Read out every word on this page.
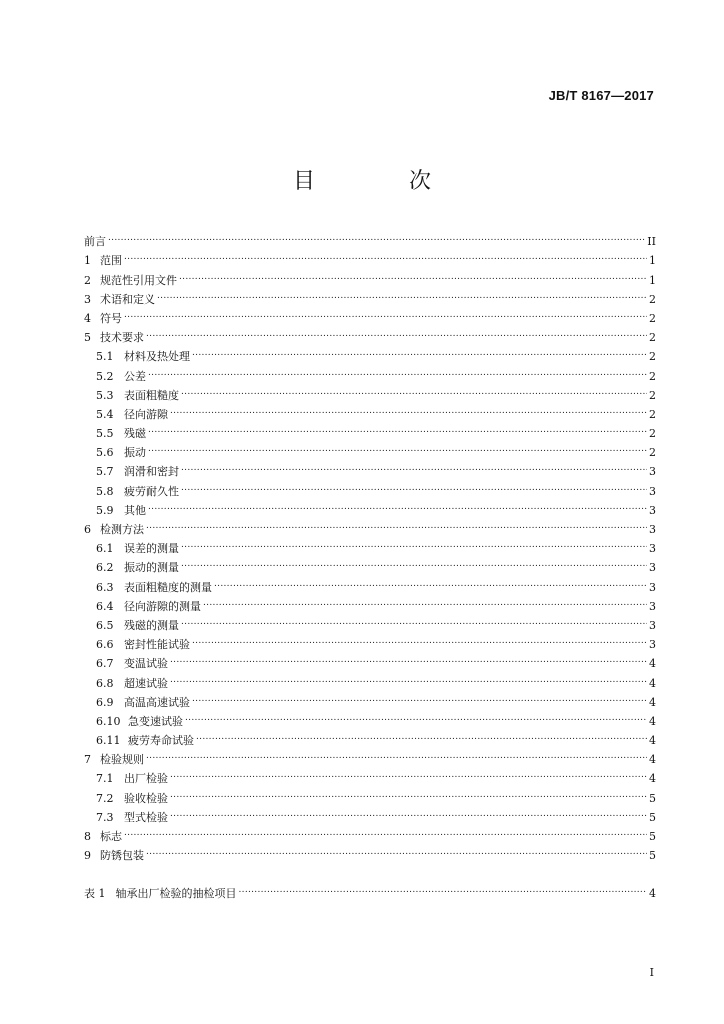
JB/T 8167—2017
目　次
前言 .....	II
1 范围 .....	1
2 规范性引用文件 .....	1
3 术语和定义 .....	2
4 符号 .....	2
5 技术要求 .....	2
5.1 材料及热处理 .....	2
5.2 公差 .....	2
5.3 表面粗糙度 .....	2
5.4 径向游隙 .....	2
5.5 残磁 .....	2
5.6 振动 .....	2
5.7 润滑和密封 .....	3
5.8 疲劳耐久性 .....	3
5.9 其他 .....	3
6 检测方法 .....	3
6.1 误差的测量 .....	3
6.2 振动的测量 .....	3
6.3 表面粗糙度的测量 .....	3
6.4 径向游隙的测量 .....	3
6.5 残磁的测量 .....	3
6.6 密封性能试验 .....	3
6.7 变温试验 .....	4
6.8 超速试验 .....	4
6.9 高温高速试验 .....	4
6.10 急变速试验 .....	4
6.11 疲劳寿命试验 .....	4
7 检验规则 .....	4
7.1 出厂检验 .....	4
7.2 验收检验 .....	5
7.3 型式检验 .....	5
8 标志 .....	5
9 防锈包装 .....	5
表 1 轴承出厂检验的抽检项目 .....	4
I
